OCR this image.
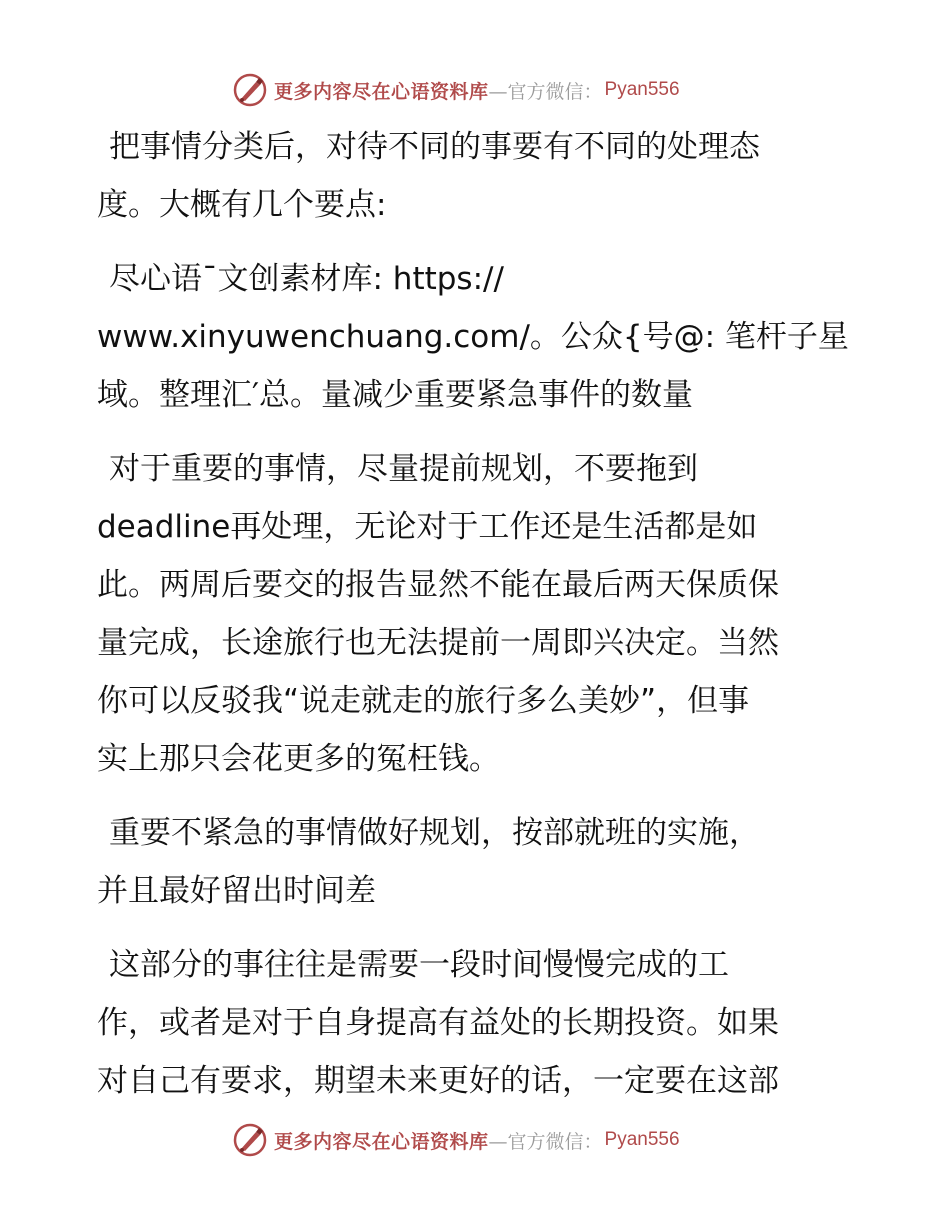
更多内容尽在心语资料库 —官方微信： Pyan556

把事情分类后，对待不同的事要有不同的处理态
度。大概有几个要点:

尽心语¯文创素材库: https://
www.xinyuwenchuang.com/。公众{号@: 笔杆子星
域。整理汇′总。量减少重要紧急事件的数量

对于重要的事情，尽量提前规划，不要拖到
deadline再处理，无论对于工作还是生活都是如
此。两周后要交的报告显然不能在最后两天保质保
量完成，长途旅行也无法提前一周即兴决定。当然
你可以反驳我“说走就走的旅行多么美妙”，但事
实上那只会花更多的冤枉钱。

重要不紧急的事情做好规划，按部就班的实施，
并且最好留出时间差

这部分的事往往是需要一段时间慢慢完成的工
作，或者是对于自身提高有益处的长期投资。如果
对自己有要求，期望未来更好的话，一定要在这部

更多内容尽在心语资料库 —官方微信： Pyan556
